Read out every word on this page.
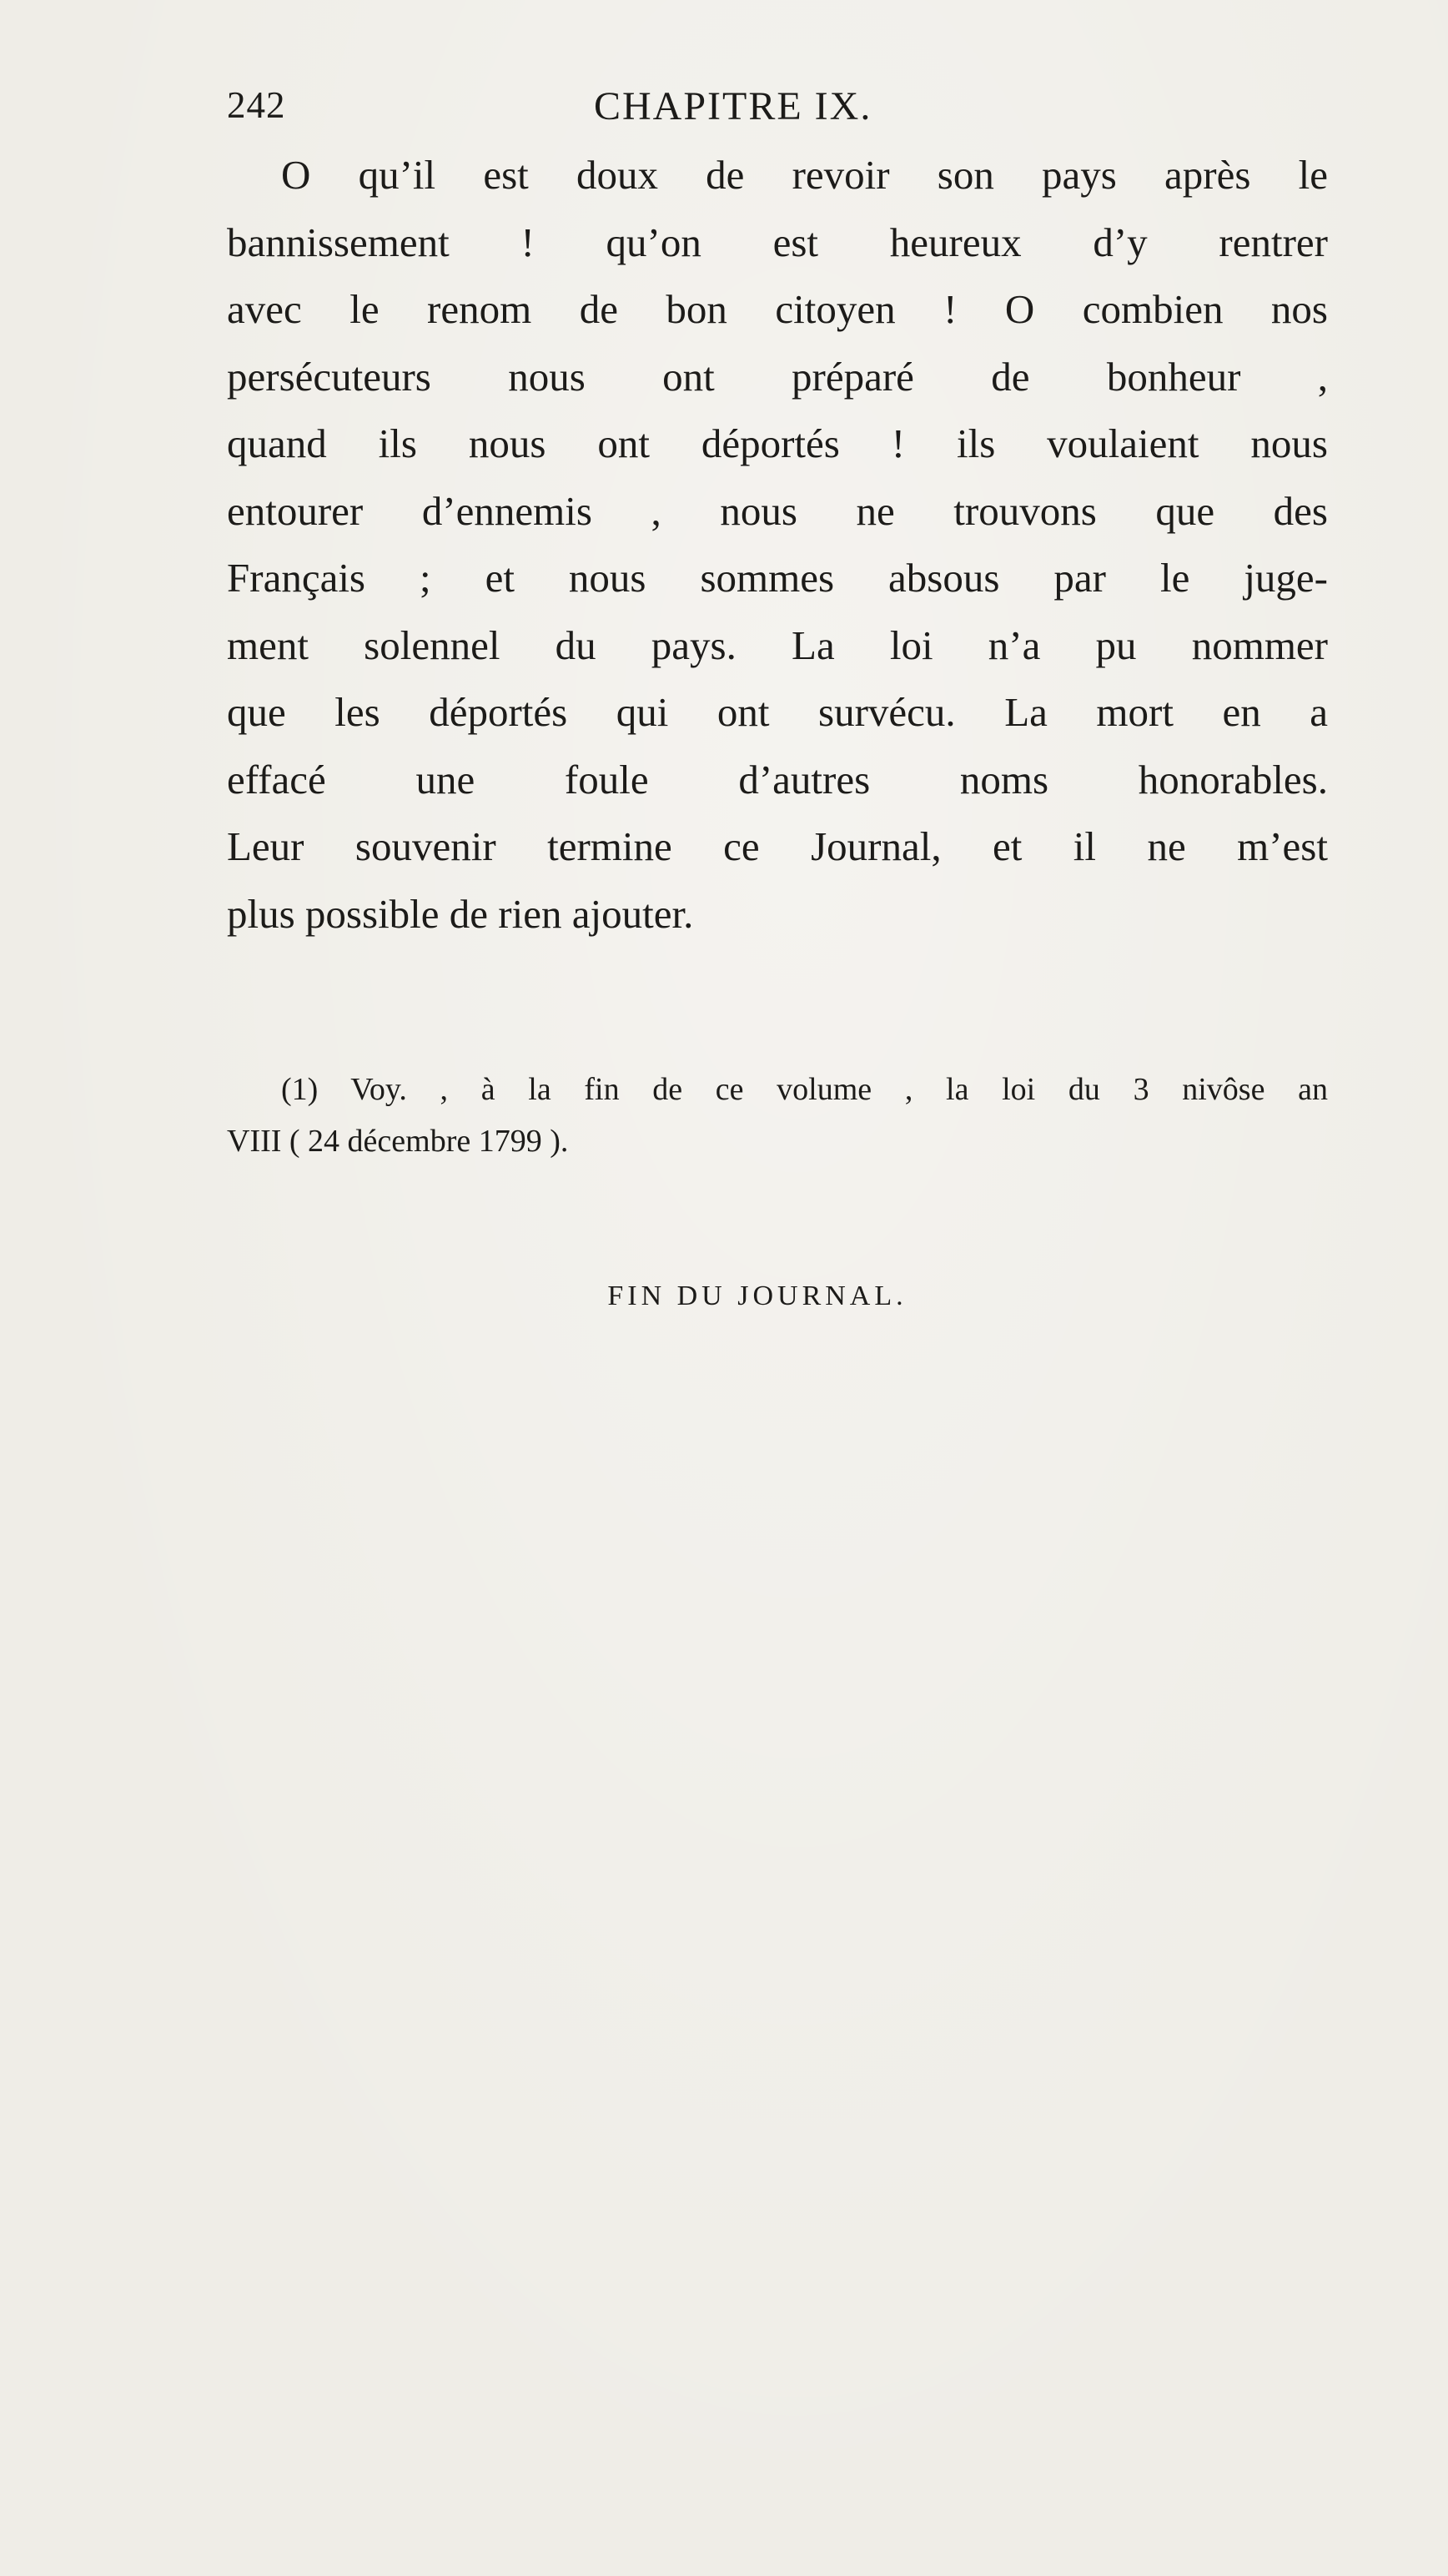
242	CHAPITRE IX.
O qu’il est doux de revoir son pays après le
bannissement ! qu’on est heureux d’y rentrer
avec le renom de bon citoyen ! O combien nos
persécuteurs nous ont préparé de bonheur ,
quand ils nous ont déportés ! ils voulaient nous
entourer d’ennemis , nous ne trouvons que des
Français ; et nous sommes absous par le juge-
ment solennel du pays. La loi n’a pu nommer
que les déportés qui ont survécu. La mort en a
effacé une foule d’autres noms honorables.
Leur souvenir termine ce Journal, et il ne m’est
plus possible de rien ajouter.
(1) Voy. , à la fin de ce volume , la loi du 3 nivôse an
VIII ( 24 décembre 1799 ).
FIN DU JOURNAL.
